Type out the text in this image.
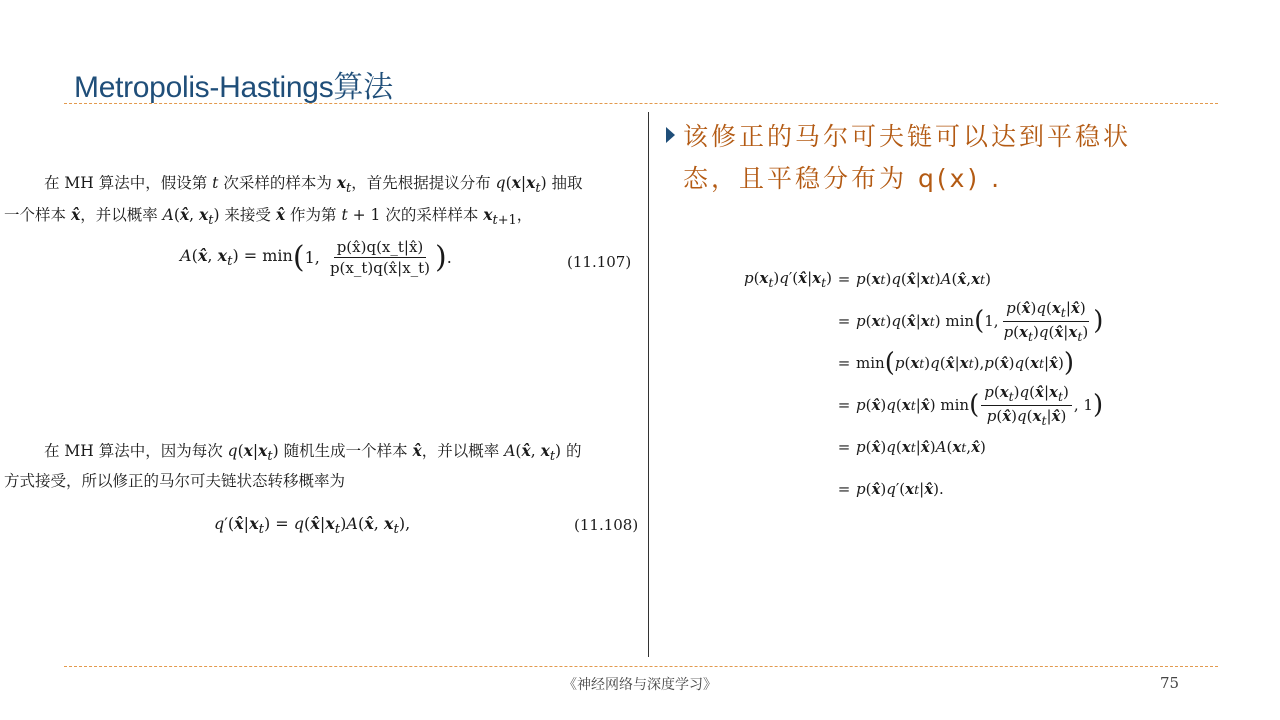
Metropolis-Hastings算法
在 MH 算法中，假设第 t 次采样的样本为 $x_t$，首先根据提议分布 $q(x|x_t)$ 抽取
一个样本 x̂，并以概率 A(x̂, $x_t$) 来接受 x̂ 作为第 t + 1 次的采样样本 $x_{t+1}$，
A(x̂, $x_t) = \min$ ( 1, $\frac{p(x̂)q(x\_t|x̂)}{p(x\_t)q(x̂|x\_t)}$ ) .	(11.107)
在 MH 算法中，因为每次 $q(x|x_t)$ 随机生成一个样本 x̂，并以概率 A(x̂, $x_t$) 的
方式接受，所以修正的马尔可夫链状态转移概率为
$q'(x̂|x_t)$ = $q(x̂|x_t)A(x̂$, $x_t$),	(11.108)
该修正的马尔可夫链可以达到平稳状
态，且平稳分布为 q(x) .
$p(x_t)q'(x̂|x_t) = p$ ( x t ) q ( x̂ | x t ) A ( x̂ , x t )
= p ( x t ) q ( x̂ | x t ) min ( 1, $\frac{p(x̂)q(x_t|x̂)}{p(x_t)q(x̂|x_t)}$ )
= min ( p ( x t ) q ( x̂ | x t ), p ( x̂ ) q ( x t | x̂ ) )
= p ( x̂ ) q ( x t | x̂ ) min ( $\frac{p(x_t)q(x̂|x_t)}{p(x̂)q(x_t|x̂)}$ , 1 )
= p ( x̂ ) q ( x t | x̂ ) A ( x t , x̂ )
= p ( x̂ ) q ′( x t | x̂ ).
《神经网络与深度学习》	75
